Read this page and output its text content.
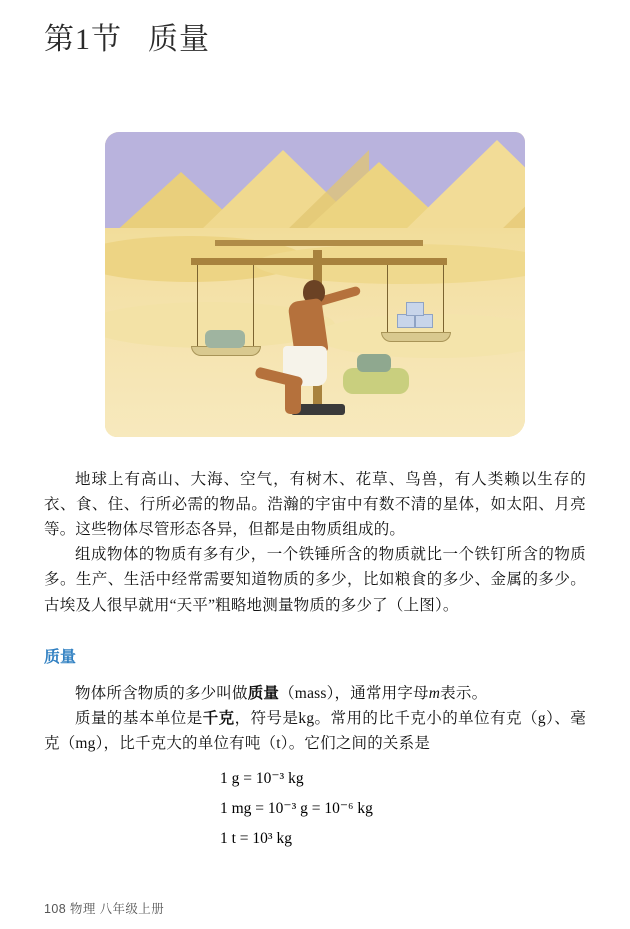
第1节 质量

地球上有高山、大海、空气，有树木、花草、鸟兽，有人类赖以生存的衣、食、住、行所必需的物品。浩瀚的宇宙中有数不清的星体，如太阳、月亮等。这些物体尽管形态各异，但都是由物质组成的。

组成物体的物质有多有少，一个铁锤所含的物质就比一个铁钉所含的物质多。生产、生活中经常需要知道物质的多少，比如粮食的多少、金属的多少。古埃及人很早就用“天平”粗略地测量物质的多少了（上图）。

质量

物体所含物质的多少叫做质量（mass），通常用字母m表示。

质量的基本单位是千克，符号是kg。常用的比千克小的单位有克（g）、毫克（mg），比千克大的单位有吨（t）。它们之间的关系是

1 g = 10⁻³ kg
1 mg = 10⁻³ g = 10⁻⁶ kg
1 t = 10³ kg
108 物理 八年级上册
